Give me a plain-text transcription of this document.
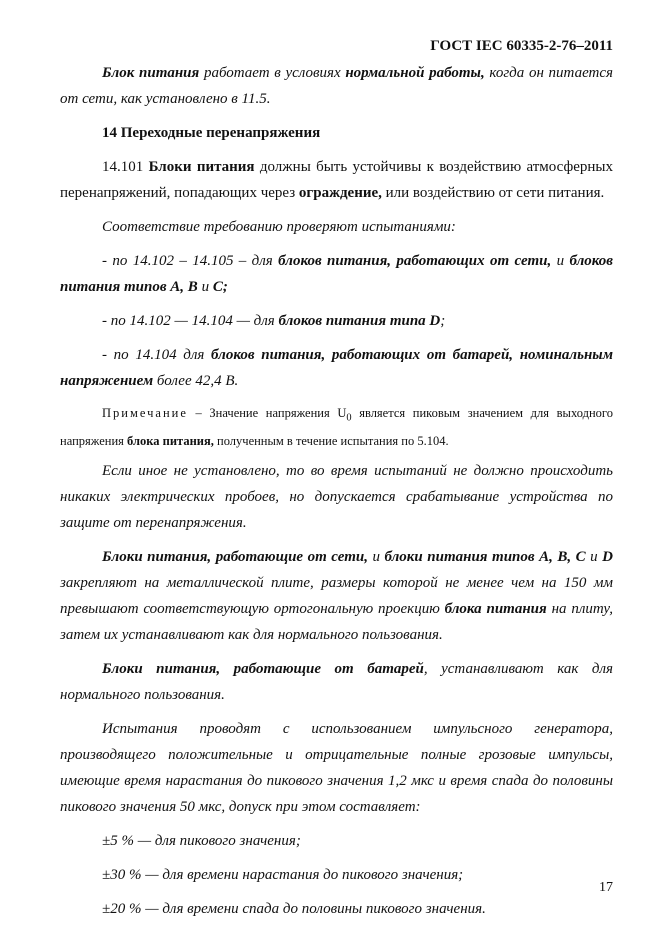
ГОСТ IEC 60335-2-76–2011

Блок питания работает в условиях нормальной работы, когда он питается от сети, как установлено в 11.5.

14 Переходные перенапряжения

14.101 Блоки питания должны быть устойчивы к воздействию атмосферных перенапряжений, попадающих через ограждение, или воздействию от сети питания.

Соответствие требованию проверяют испытаниями:

- по 14.102 – 14.105 – для блоков питания, работающих от сети, и блоков питания типов А, В и С;

- по 14.102 — 14.104 — для блоков питания типа D;

- по 14.104 для блоков питания, работающих от батарей, номинальным напряжением более 42,4 В.

Примечание – Значение напряжения $U_0$ является пиковым значением для выходного напряжения блока питания, полученным в течение испытания по 5.104.

Если иное не установлено, то во время испытаний не должно происходить никаких электрических пробоев, но допускается срабатывание устройства по защите от перенапряжения.

Блоки питания, работающие от сети, и блоки питания типов А, В, С и D закрепляют на металлической плите, размеры которой не менее чем на 150 мм превышают соответствующую ортогональную проекцию блока питания на плиту, затем их устанавливают как для нормального пользования.

Блоки питания, работающие от батарей, устанавливают как для нормального пользования.

Испытания проводят с использованием импульсного генератора, производящего положительные и отрицательные полные грозовые импульсы, имеющие время нарастания до пикового значения 1,2 мкс и время спада до половины пикового значения 50 мкс, допуск при этом составляет:

±5 % — для пикового значения;

±30 % — для времени нарастания до пикового значения;

±20 % — для времени спада до половины пикового значения.

17
